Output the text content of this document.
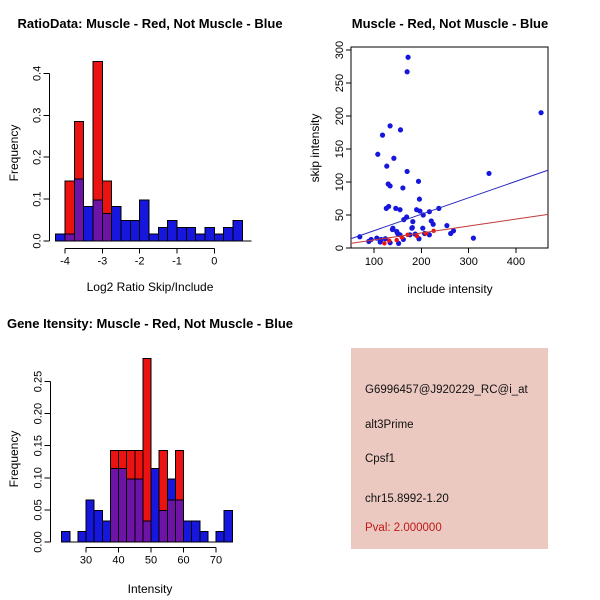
-4	-3	-2	-1	0
0.0
0.1
0.2
0.3
0.4
RatioData: Muscle - Red, Not Muscle - Blue
Log2 Ratio Skip/Include
Frequency
100	200	300	400
0
50
100
150
200
250
300
Muscle - Red, Not Muscle - Blue
include intensity
skip intensity
30 40 50 60 70
0.00
0.05
0.10
0.15
0.20
0.25
Gene Itensity: Muscle - Red, Not Muscle - Blue
Intensity
Frequency
G6996457@J920229_RC@i_at
alt3Prime
Cpsf1
chr15.8992-1.20
Pval: 2.000000
